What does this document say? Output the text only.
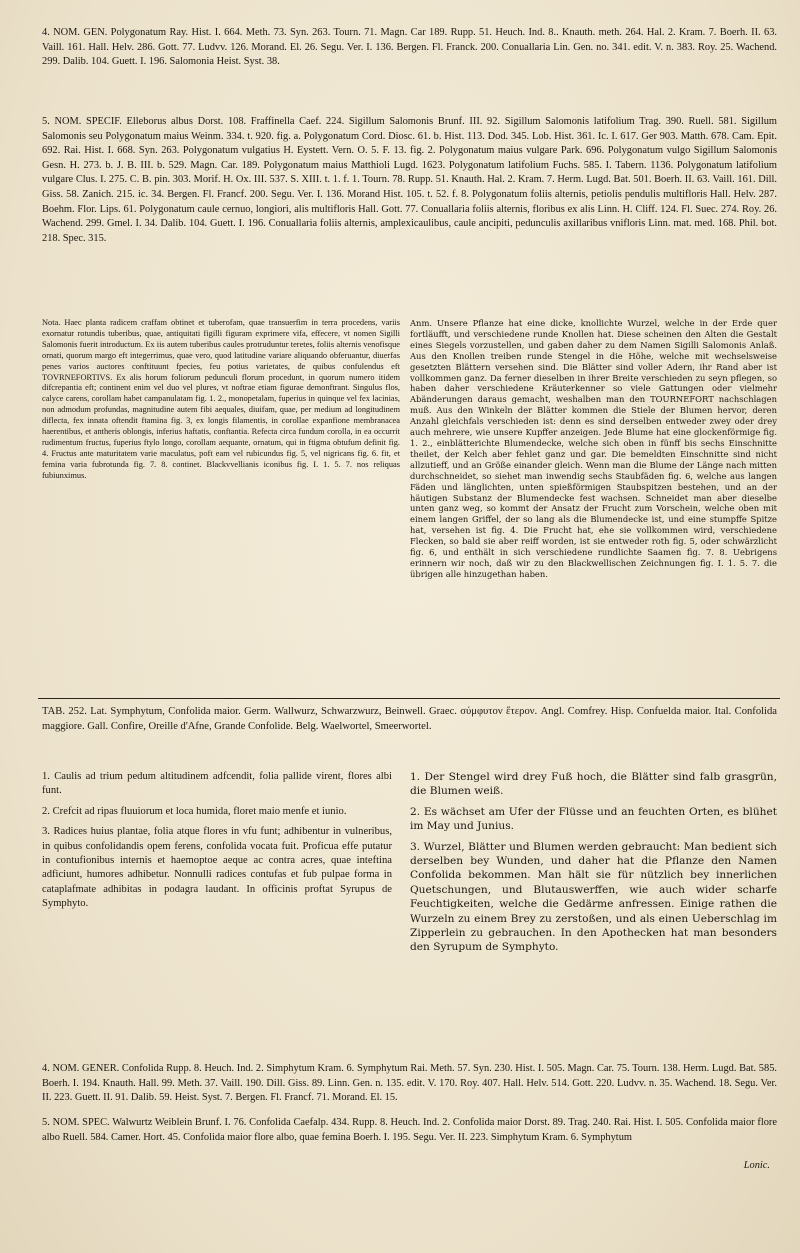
4. NOM. GEN. Polygonatum Ray. Hist. I. 664. Meth. 73. Syn. 263. Tourn. 71. Magn. Car 189. Rupp. 51. Heuch. Ind. 8.. Knauth. meth. 264. Hal. 2. Kram. 7. Boerh. II. 63. Vaill. 161. Hall. Helv. 286. Gott. 77. Ludvv. 126. Morand. El. 26. Segu. Ver. I. 136. Bergen. Fl. Franck. 200. Conuallaria Lin. Gen. no. 341. edit. V. n. 383. Roy. 25. Wachend. 299. Dalib. 104. Guett. I. 196. Salomonia Heist. Syst. 38.

5. NOM. SPECIF. Elleborus albus Dorst. 108. Fraffinella Caef. 224. Sigillum Salomonis Brunf. III. 92. Sigillum Salomonis latifolium Trag. 390. Ruell. 581. Sigillum Salomonis seu Polygonatum maius Weinm. 334. t. 920. fig. a. Polygonatum Cord. Diosc. 61. b. Hist. 113. Dod. 345. Lob. Hist. 361. Ic. I. 617. Ger 903. Matth. 678. Cam. Epit. 692. Rai. Hist. I. 668. Syn. 263. Polygonatum vulgatius H. Eystett. Vern. O. 5. F. 13. fig. 2. Polygonatum maius vulgare Park. 696. Polygonatum vulgo Sigillum Salomonis Gesn. H. 273. b. J. B. III. b. 529. Magn. Car. 189. Polygonatum maius Matthioli Lugd. 1623. Polygonatum latifolium Fuchs. 585. I. Tabern. 1136. Polygonatum latifolium vulgare Clus. I. 275. C. B. pin. 303. Morif. H. Ox. III. 537. S. XIII. t. 1. f. 1. Tourn. 78. Rupp. 51. Knauth. Hal. 2. Kram. 7. Herm. Lugd. Bat. 501. Boerh. II. 63. Vaill. 161. Dill. Giss. 58. Zanich. 215. ic. 34. Bergen. Fl. Francf. 200. Segu. Ver. I. 136. Morand Hist. 105. t. 52. f. 8. Polygonatum foliis alternis, petiolis pendulis multifloris Hall. Helv. 287. Boehm. Flor. Lips. 61. Polygonatum caule cernuo, longiori, alis multifloris Hall. Gott. 77. Conuallaria foliis alternis, floribus ex alis Linn. H. Cliff. 124. Fl. Suec. 274. Roy. 26. Wachend. 299. Gmel. I. 34. Dalib. 104. Guett. I. 196. Conuallaria foliis alternis, amplexicaulibus, caule ancipiti, pedunculis axillaribus vnifloris Linn. mat. med. 168. Phil. bot. 218. Spec. 315.

Nota. Haec planta radicem craffam obtinet et tuberofam, quae transuerfim in terra procedens, variis exornatur rotundis tuberibus, quae, antiquitati figilli figuram exprimere vifa, effecere, vt nomen Sigilli Salomonis fuerit introductum. Ex iis autem tuberibus caules protruduntur teretes, foliis alternis venofisque ornati, quorum margo eft integerrimus, quae vero, quod latitudine variare aliquando obferuantur, diuerfas penes varios auctores conftituunt fpecies, feu potius varietates, de quibus confulendus eft TOVRNEFORTIVS. Ex alis horum foliorum pedunculi florum procedunt, in quorum numero itidem difcrepantia eft; continent enim vel duo vel plures, vt noftrae etiam figurae demonftrant. Singulus flos, calyce carens, corollam habet campanulatam fig. 1. 2., monopetalam, fuperius in quinque vel fex lacinias, non admodum profundas, magnitudine autem fibi aequales, diuifam, quae, per medium ad longitudinem diflecta, fex innata oftendit ftamina fig. 3, ex longis filamentis, in corollae expanfione membranacea haerentibus, et antheris oblongis, inferius haftatis, conftantia. Refecta circa fundum corolla, in ea occurrit rudimentum fructus, fuperius ftylo longo, corollam aequante, ornatum, qui in ftigma obtufum definit fig. 4. Fructus ante maturitatem varie maculatus, poft eam vel rubicundus fig. 5, vel nigricans fig. 6. fit, et femina varia fubrotunda fig. 7. 8. continet. Blackvvellianis iconibus fig. I. 1. 5. 7. nos reliquas fubiunximus.

Anm. Unsere Pflanze hat eine dicke, knollichte Wurzel, welche in der Erde quer fortläufft, und verschiedene runde Knollen hat. Diese scheinen den Alten die Gestalt eines Siegels vorzustellen, und gaben daher zu dem Namen Sigilli Salomonis Anlaß. Aus den Knollen treiben runde Stengel in die Höhe, welche mit wechselsweise gesetzten Blättern versehen sind. Die Blätter sind voller Adern, ihr Rand aber ist vollkommen ganz. Da ferner dieselben in ihrer Breite verschieden zu seyn pflegen, so haben daher verschiedene Kräuterkenner so viele Gattungen oder vielmehr Abänderungen daraus gemacht, weshalben man den TOURNEFORT nachschlagen muß. Aus den Winkeln der Blätter kommen die Stiele der Blumen hervor, deren Anzahl gleichfals verschieden ist: denn es sind derselben entweder zwey oder drey auch mehrere, wie unsere Kupffer anzeigen. Jede Blume hat eine glockenförmige fig. 1. 2., einblätterichte Blumendecke, welche sich oben in fünff bis sechs Einschnitte theilet, der Kelch aber fehlet ganz und gar. Die bemeldten Einschnitte sind nicht allzutieff, und an Größe einander gleich. Wenn man die Blume der Länge nach mitten durchschneidet, so siehet man inwendig sechs Staubfäden fig. 6, welche aus langen Fäden und länglichten, unten spießförmigen Staubspitzen bestehen, und an der häutigen Substanz der Blumendecke fest wachsen. Schneidet man aber dieselbe unten ganz weg, so kommt der Ansatz der Frucht zum Vorschein, welche oben mit einem langen Griffel, der so lang als die Blumendecke ist, und eine stumpffe Spitze hat, versehen ist fig. 4. Die Frucht hat, ehe sie vollkommen wird, verschiedene Flecken, so bald sie aber reiff worden, ist sie entweder roth fig. 5, oder schwärzlicht fig. 6, und enthält in sich verschiedene rundlichte Saamen fig. 7. 8. Uebrigens erinnern wir noch, daß wir zu den Blackwellischen Zeichnungen fig. I. 1. 5. 7. die übrigen alle hinzugethan haben.

TAB. 252. Lat. Symphytum, Confolida maior. Germ. Wallwurz, Schwarzwurz, Beinwell. Graec. σύμφυτον ἕτερον. Angl. Comfrey. Hisp. Confuelda maior. Ital. Confolida maggiore. Gall. Confire, Oreille d'Afne, Grande Confolide. Belg. Waelwortel, Smeerwortel.

1. Caulis ad trium pedum altitudinem adfcendit, folia pallide virent, flores albi funt.

2. Crefcit ad ripas fluuiorum et loca humida, floret maio menfe et iunio.

3. Radices huius plantae, folia atque flores in vfu funt; adhibentur in vulneribus, in quibus confolidandis opem ferens, confolida vocata fuit. Proficua effe putatur in contufionibus internis et haemoptoe aeque ac contra acres, quae inteftina adficiunt, humores adhibetur. Nonnulli radices contufas et fub pulpae forma in cataplafmate adhibitas in podagra laudant. In officinis proftat Syrupus de Symphyto.

1. Der Stengel wird drey Fuß hoch, die Blätter sind falb grasgrün, die Blumen weiß.

2. Es wächset am Ufer der Flüsse und an feuchten Orten, es blühet im May und Junius.

3. Wurzel, Blätter und Blumen werden gebraucht: Man bedient sich derselben bey Wunden, und daher hat die Pflanze den Namen Confolida bekommen. Man hält sie für nützlich bey innerlichen Quetschungen, und Blutauswerffen, wie auch wider scharfe Feuchtigkeiten, welche die Gedärme anfressen. Einige rathen die Wurzeln zu einem Brey zu zerstoßen, und als einen Ueberschlag im Zipperlein zu gebrauchen. In den Apothecken hat man besonders den Syrupum de Symphyto.

4. NOM. GENER. Confolida Rupp. 8. Heuch. Ind. 2. Simphytum Kram. 6. Symphytum Rai. Meth. 57. Syn. 230. Hist. I. 505. Magn. Car. 75. Tourn. 138. Herm. Lugd. Bat. 585. Boerh. I. 194. Knauth. Hall. 99. Meth. 37. Vaill. 190. Dill. Giss. 89. Linn. Gen. n. 135. edit. V. 170. Roy. 407. Hall. Helv. 514. Gott. 220. Ludvv. n. 35. Wachend. 18. Segu. Ver. II. 223. Guett. II. 91. Dalib. 59. Heist. Syst. 7. Bergen. Fl. Francf. 71. Morand. El. 15.

5. NOM. SPEC. Walwurtz Weiblein Brunf. I. 76. Confolida Caefalp. 434. Rupp. 8. Heuch. Ind. 2. Confolida maior Dorst. 89. Trag. 240. Rai. Hist. I. 505. Confolida maior flore albo Ruell. 584. Camer. Hort. 45. Confolida maior flore albo, quae femina Boerh. I. 195. Segu. Ver. II. 223. Simphytum Kram. 6. Symphytum

Lonic.
